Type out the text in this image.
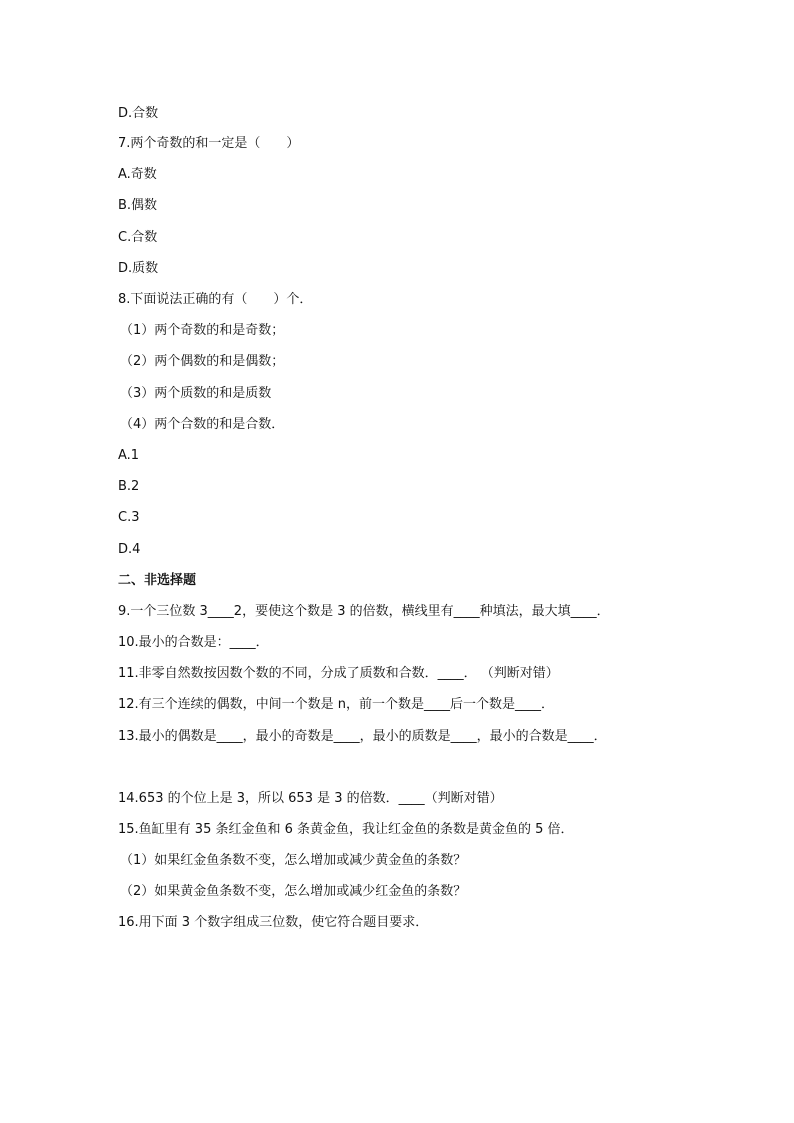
D.合数
7.两个奇数的和一定是（　　）
A.奇数
B.偶数
C.合数
D.质数
8.下面说法正确的有（　　）个．
（1）两个奇数的和是奇数；
（2）两个偶数的和是偶数；
（3）两个质数的和是质数
（4）两个合数的和是合数．
A.1
B.2
C.3
D.4
二、非选择题
9.一个三位数 3____2，要使这个数是 3 的倍数，横线里有____种填法，最大填____．
10.最小的合数是：____．
11.非零自然数按因数个数的不同，分成了质数和合数．____． （判断对错）
12.有三个连续的偶数，中间一个数是 n，前一个数是____后一个数是____．
13.最小的偶数是____，最小的奇数是____，最小的质数是____，最小的合数是____．
14.653 的个位上是 3，所以 653 是 3 的倍数．____（判断对错）
15.鱼缸里有 35 条红金鱼和 6 条黄金鱼，我让红金鱼的条数是黄金鱼的 5 倍．
（1）如果红金鱼条数不变，怎么增加或减少黄金鱼的条数？
（2）如果黄金鱼条数不变，怎么增加或减少红金鱼的条数？
16.用下面 3 个数字组成三位数，使它符合题目要求．
